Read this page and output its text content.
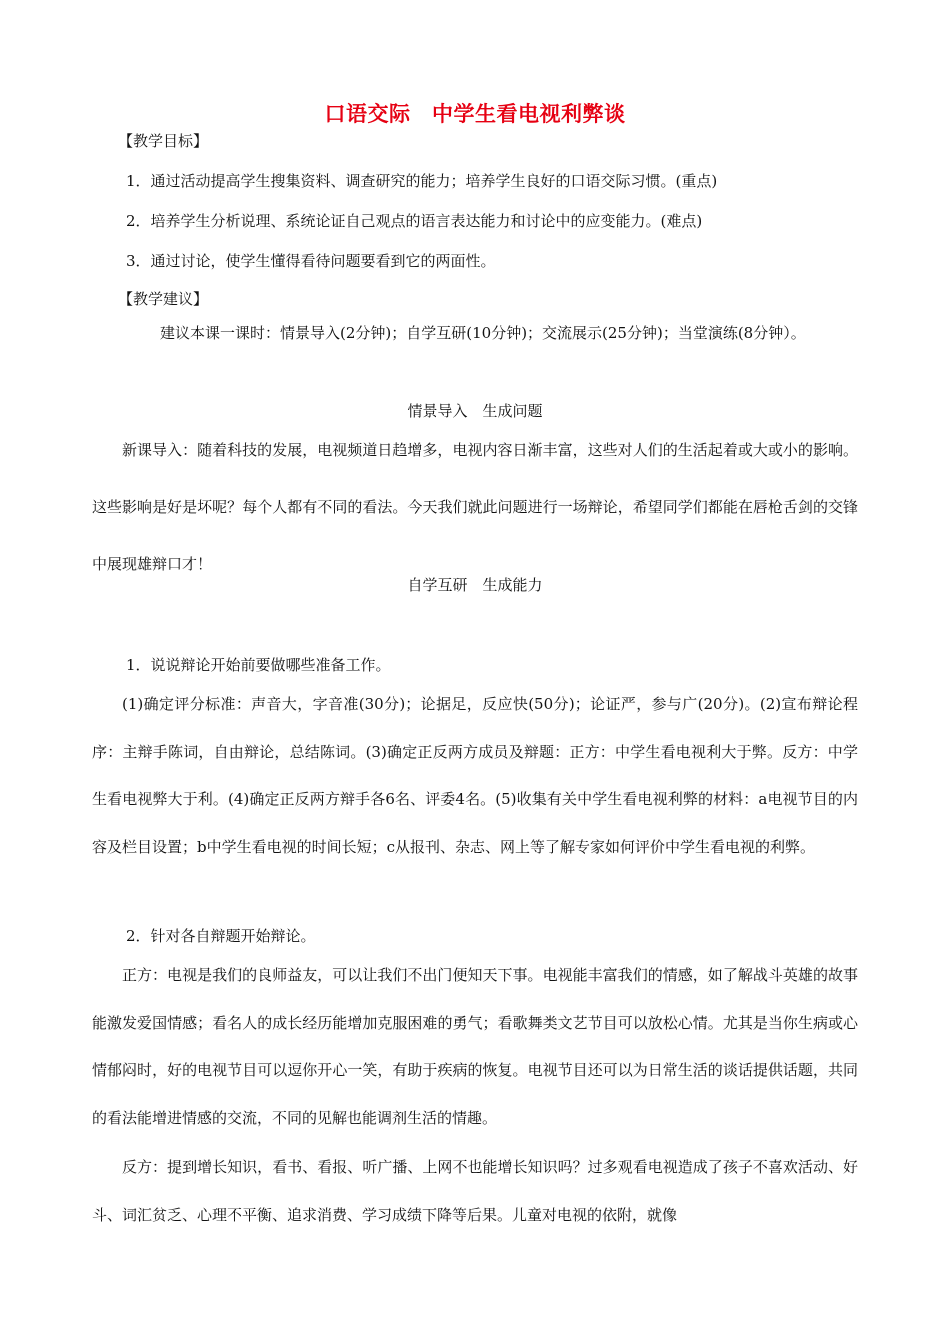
口语交际　中学生看电视利弊谈
【教学目标】
1．通过活动提高学生搜集资料、调查研究的能力；培养学生良好的口语交际习惯。(重点)
2．培养学生分析说理、系统论证自己观点的语言表达能力和讨论中的应变能力。(难点)
3．通过讨论，使学生懂得看待问题要看到它的两面性。
【教学建议】
建议本课一课时：情景导入(2分钟)；自学互研(10分钟)；交流展示(25分钟)；当堂演练(8分钟）。
情景导入　生成问题
新课导入：随着科技的发展，电视频道日趋增多，电视内容日渐丰富，这些对人们的生活起着或大或小的影响。这些影响是好是坏呢？每个人都有不同的看法。今天我们就此问题进行一场辩论，希望同学们都能在唇枪舌剑的交锋中展现雄辩口才！
自学互研　生成能力
1．说说辩论开始前要做哪些准备工作。
(1)确定评分标准：声音大，字音准(30分)；论据足，反应快(50分)；论证严，参与广(20分)。(2)宣布辩论程序：主辩手陈词，自由辩论，总结陈词。(3)确定正反两方成员及辩题：正方：中学生看电视利大于弊。反方：中学生看电视弊大于利。(4)确定正反两方辩手各6名、评委4名。(5)收集有关中学生看电视利弊的材料：a电视节目的内容及栏目设置；b中学生看电视的时间长短；c从报刊、杂志、网上等了解专家如何评价中学生看电视的利弊。
2．针对各自辩题开始辩论。
正方：电视是我们的良师益友，可以让我们不出门便知天下事。电视能丰富我们的情感，如了解战斗英雄的故事能激发爱国情感；看名人的成长经历能增加克服困难的勇气；看歌舞类文艺节目可以放松心情。尤其是当你生病或心情郁闷时，好的电视节目可以逗你开心一笑，有助于疾病的恢复。电视节目还可以为日常生活的谈话提供话题，共同的看法能增进情感的交流，不同的见解也能调剂生活的情趣。
反方：提到增长知识，看书、看报、听广播、上网不也能增长知识吗？过多观看电视造成了孩子不喜欢活动、好斗、词汇贫乏、心理不平衡、追求消费、学习成绩下降等后果。儿童对电视的依附，就像
